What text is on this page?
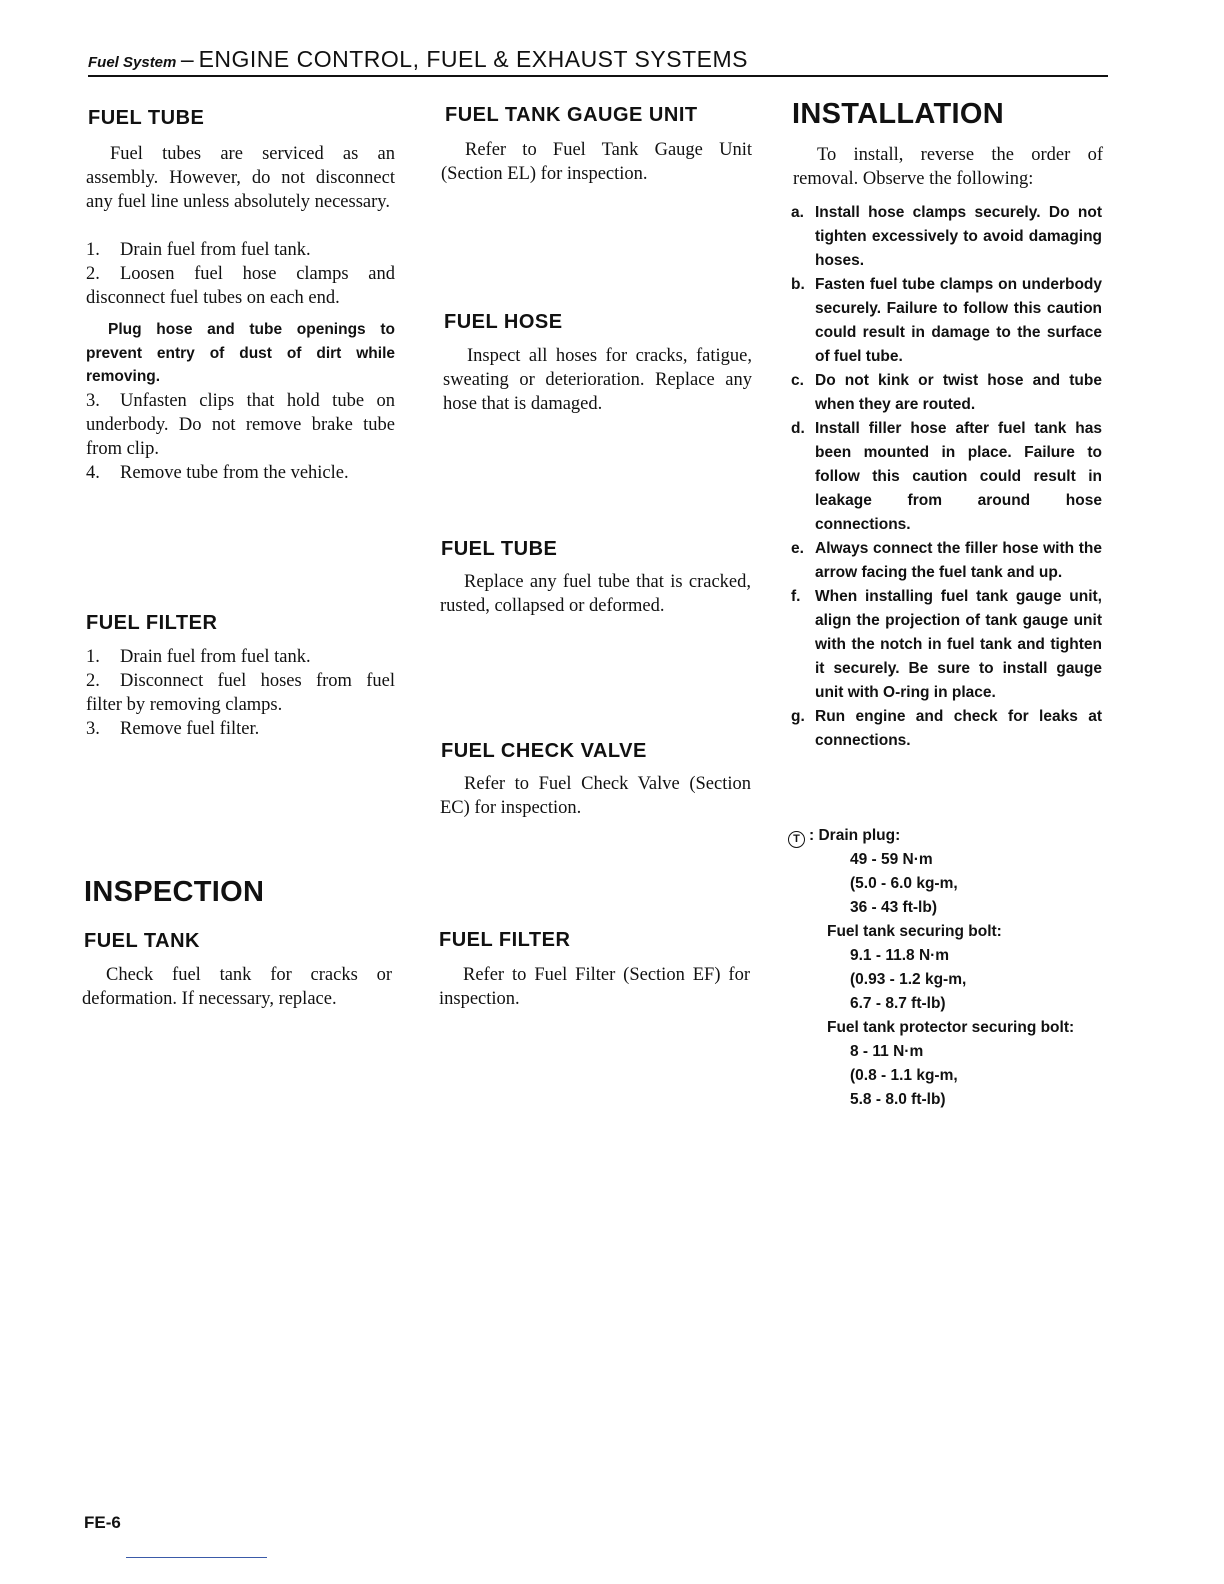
Fuel System – ENGINE CONTROL, FUEL & EXHAUST SYSTEMS
FUEL TUBE

Fuel tubes are serviced as an assembly. However, do not disconnect any fuel line unless absolutely necessary.

1. Drain fuel from fuel tank.
2. Loosen fuel hose clamps and disconnect fuel tubes on each end.

Plug hose and tube openings to prevent entry of dust of dirt while removing.

3. Unfasten clips that hold tube on underbody. Do not remove brake tube from clip.
4. Remove tube from the vehicle.
FUEL FILTER
1. Drain fuel from fuel tank.
2. Disconnect fuel hoses from fuel filter by removing clamps.
3. Remove fuel filter.
INSPECTION
FUEL TANK

Check fuel tank for cracks or deformation. If necessary, replace.

FUEL TANK GAUGE UNIT

Refer to Fuel Tank Gauge Unit (Section EL) for inspection.

FUEL HOSE

Inspect all hoses for cracks, fatigue, sweating or deterioration. Replace any hose that is damaged.

FUEL TUBE

Replace any fuel tube that is cracked, rusted, collapsed or deformed.

FUEL CHECK VALVE

Refer to Fuel Check Valve (Section EC) for inspection.

FUEL FILTER

Refer to Fuel Filter (Section EF) for inspection.

INSTALLATION

To install, reverse the order of removal. Observe the following:

a. Install hose clamps securely. Do not tighten excessively to avoid damaging hoses.
b. Fasten fuel tube clamps on underbody securely. Failure to follow this caution could result in damage to the surface of fuel tube.
c. Do not kink or twist hose and tube when they are routed.
d. Install filler hose after fuel tank has been mounted in place. Failure to follow this caution could result in leakage from around hose connections.
e. Always connect the filler hose with the arrow facing the fuel tank and up.
f. When installing fuel tank gauge unit, align the projection of tank gauge unit with the notch in fuel tank and tighten it securely. Be sure to install gauge unit with O-ring in place.
g. Run engine and check for leaks at connections.
T : Drain plug:
49 - 59 N·m
(5.0 - 6.0 kg-m,
36 - 43 ft-lb)
Fuel tank securing bolt:
9.1 - 11.8 N·m
(0.93 - 1.2 kg-m,
6.7 - 8.7 ft-lb)
Fuel tank protector securing bolt:
8 - 11 N·m
(0.8 - 1.1 kg-m,
5.8 - 8.0 ft-lb)
FE-6
